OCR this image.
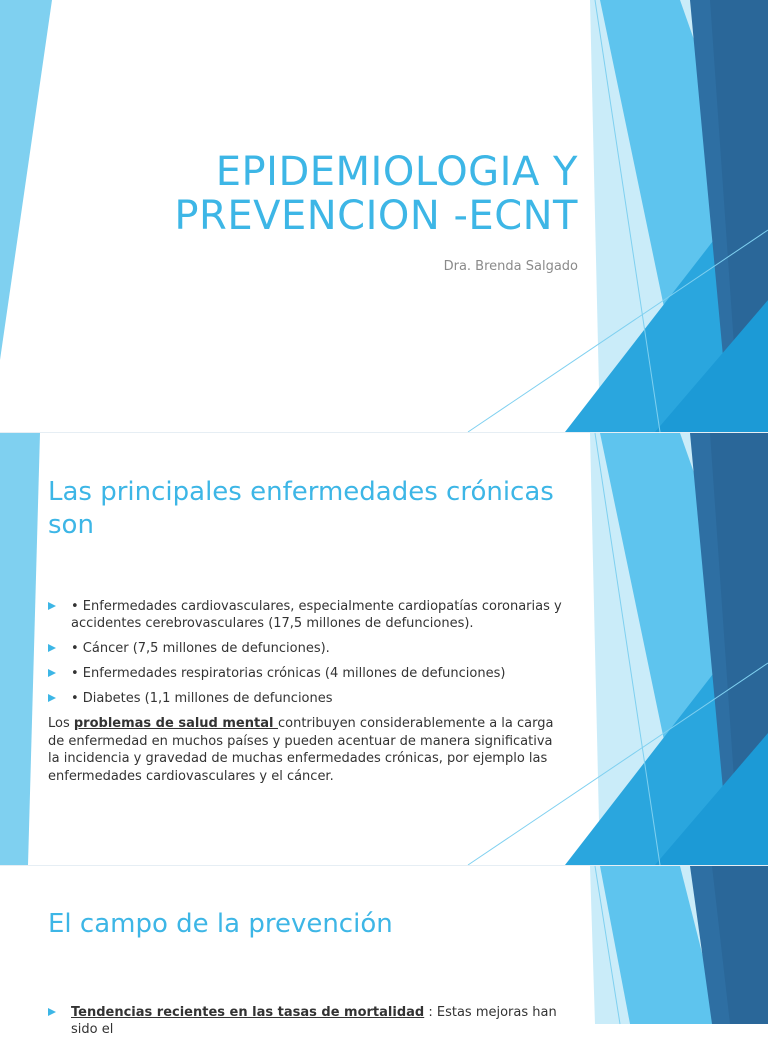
EPIDEMIOLOGIA Y
PREVENCION -ECNT
Dra. Brenda Salgado
Las principales enfermedades crónicas son
• Enfermedades cardiovasculares, especialmente cardiopatías coronarias y accidentes cerebrovasculares (17,5 millones de defunciones).
• Cáncer (7,5 millones de defunciones).
• Enfermedades respiratorias crónicas (4 millones de defunciones)
• Diabetes (1,1 millones de defunciones
Los problemas de salud mental contribuyen considerablemente a la carga de enfermedad en muchos países y pueden acentuar de manera significativa la incidencia y gravedad de muchas enfermedades crónicas, por ejemplo las enfermedades cardiovasculares y el cáncer.
El campo de la prevención
Tendencias recientes en las tasas de mortalidad : Estas mejoras han sido el
